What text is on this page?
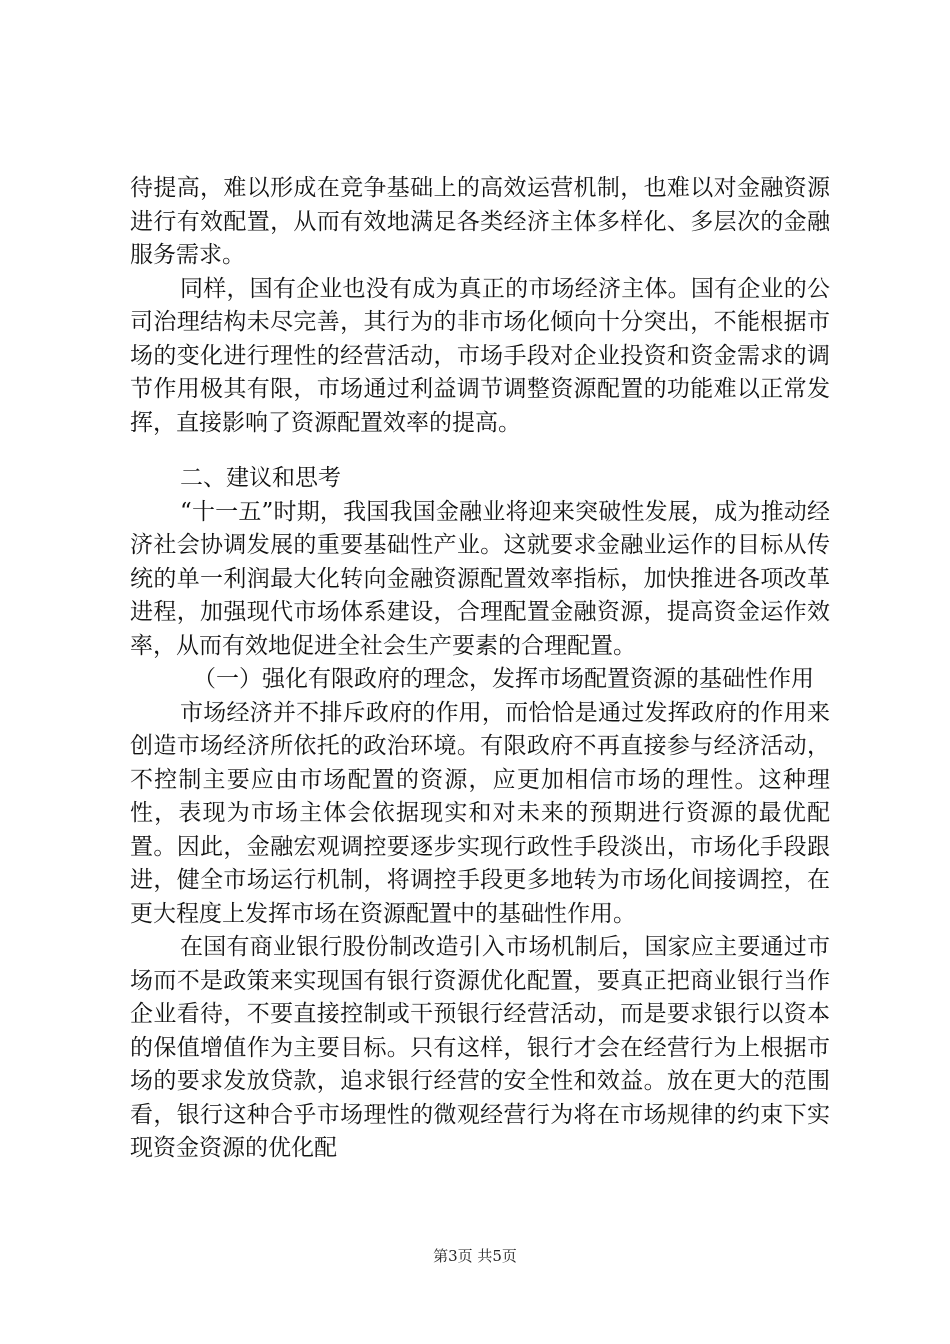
待提高，难以形成在竞争基础上的高效运营机制，也难以对金融资源进行有效配置，从而有效地满足各类经济主体多样化、多层次的金融服务需求。

同样，国有企业也没有成为真正的市场经济主体。国有企业的公司治理结构未尽完善，其行为的非市场化倾向十分突出，不能根据市场的变化进行理性的经营活动，市场手段对企业投资和资金需求的调节作用极其有限，市场通过利益调节调整资源配置的功能难以正常发挥，直接影响了资源配置效率的提高。

二、建议和思考

“十一五”时期，我国我国金融业将迎来突破性发展，成为推动经济社会协调发展的重要基础性产业。这就要求金融业运作的目标从传统的单一利润最大化转向金融资源配置效率指标，加快推进各项改革进程，加强现代市场体系建设，合理配置金融资源，提高资金运作效率，从而有效地促进全社会生产要素的合理配置。

（一）强化有限政府的理念，发挥市场配置资源的基础性作用

市场经济并不排斥政府的作用，而恰恰是通过发挥政府的作用来创造市场经济所依托的政治环境。有限政府不再直接参与经济活动，不控制主要应由市场配置的资源，应更加相信市场的理性。这种理性，表现为市场主体会依据现实和对未来的预期进行资源的最优配置。因此，金融宏观调控要逐步实现行政性手段淡出，市场化手段跟进，健全市场运行机制，将调控手段更多地转为市场化间接调控，在更大程度上发挥市场在资源配置中的基础性作用。

在国有商业银行股份制改造引入市场机制后，国家应主要通过市场而不是政策来实现国有银行资源优化配置，要真正把商业银行当作企业看待，不要直接控制或干预银行经营活动，而是要求银行以资本的保值增值作为主要目标。只有这样，银行才会在经营行为上根据市场的要求发放贷款，追求银行经营的安全性和效益。放在更大的范围看，银行这种合乎市场理性的微观经营行为将在市场规律的约束下实现资金资源的优化配

第3页 共5页
